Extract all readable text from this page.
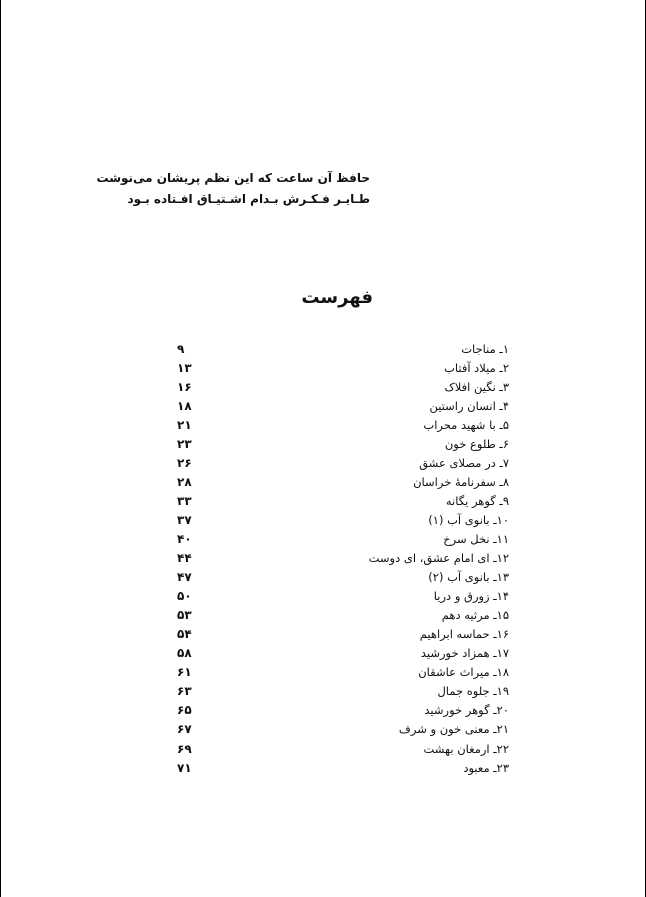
حافظ آن ساعت که این نظم پریشان می‌نوشت
طـایـر فـکـرش بـدام اشـتیـاق افـتاده بـود
فهرست
۹	۱ـ مناجات
۱۳	۲ـ میلاد آفتاب
۱۶	۳ـ نگین افلاک
۱۸	۴ـ انسان راستین
۲۱	۵ـ با شهید محراب
۲۳	۶ـ طلوع خون
۲۶	۷ـ در مصلای عشق
۲۸	۸ـ سفرنامهٔ خراسان
۳۳	۹ـ گوهر یگانه
۳۷	۱۰ـ بانوی آب (۱)
۴۰	۱۱ـ نخل سرخ
۴۴	۱۲ـ ای امام عشق، ای دوست
۴۷	۱۳ـ بانوی آب (۲)
۵۰	۱۴ـ زورق و دریا
۵۳	۱۵ـ مرثیه دهم
۵۴	۱۶ـ حماسه ابراهیم
۵۸	۱۷ـ همزاد خورشید
۶۱	۱۸ـ میراث عاشقان
۶۳	۱۹ـ جلوه جمال
۶۵	۲۰ـ گوهر خورشید
۶۷	۲۱ـ معنی خون و شرف
۶۹	۲۲ـ ارمغان بهشت
۷۱	۲۳ـ معبود
